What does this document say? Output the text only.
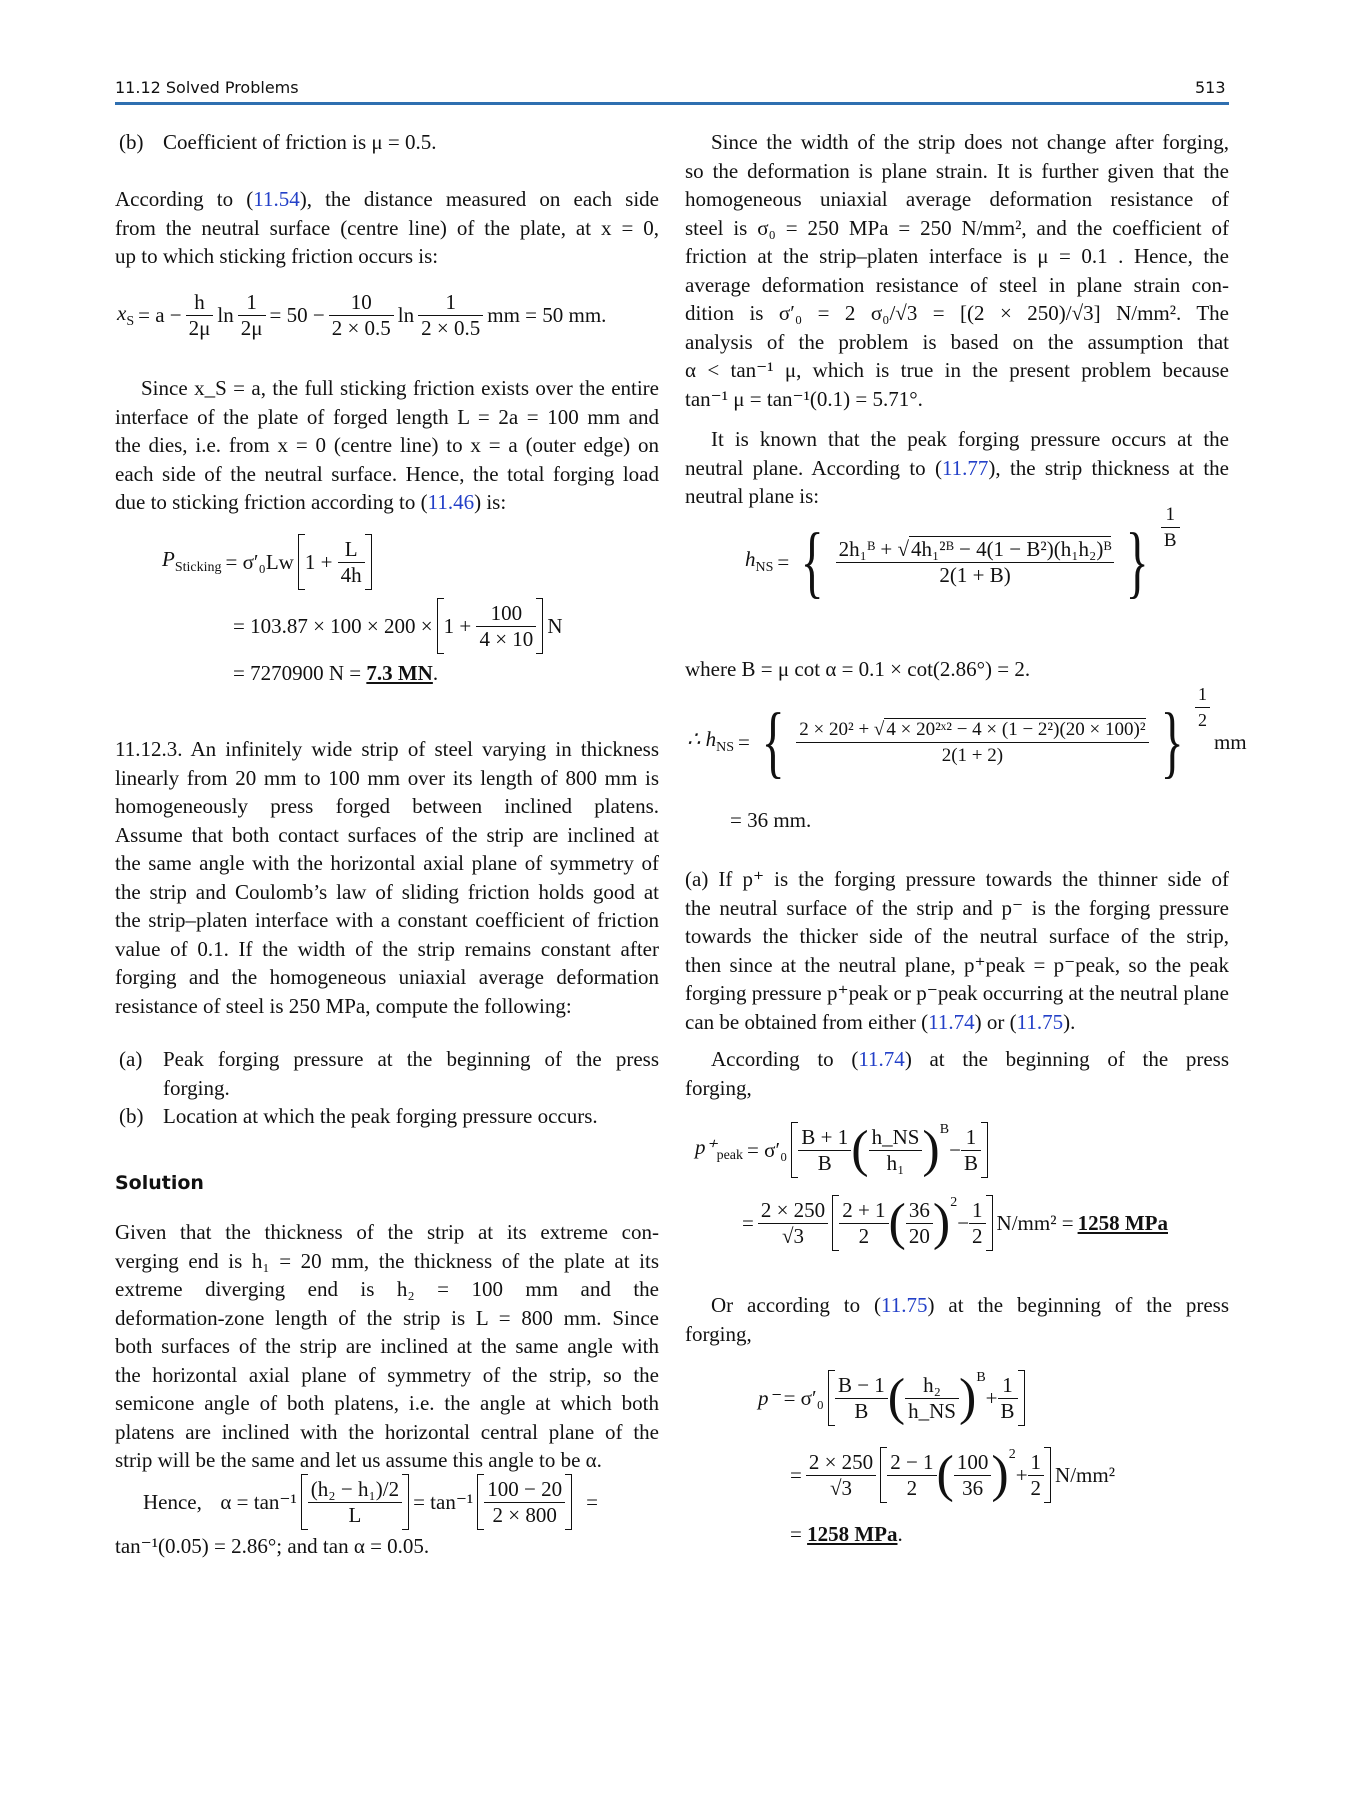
11.12 Solved Problems	513
(b) Coefficient of friction is μ = 0.5.
According to (11.54), the distance measured on each side
from the neutral surface (centre line) of the plate, at x = 0,
up to which sticking friction occurs is:
$x_S = a - \frac{h}{2\mu}$ $\ln \frac{1}{2\mu} = 50 - \frac{10}{2 \times 0.5}$ $\ln \frac{1}{2 \times 0.5}$ mm = 50 mm.
Since x_S = a, the full sticking friction exists over the entire
interface of the plate of forged length L = 2a = 100 mm and
the dies, i.e. from x = 0 (centre line) to x = a (outer edge) on
each side of the neutral surface. Hence, the total forging load
due to sticking friction according to (11.46) is:
$P_{Sticking} = \sigma'_0Lw$ 1 +
$\frac{L}{4h}$
= 103.87 × 100 × 200 × 1 +
$\frac{100}{4 \times 10}$ N
= 7270900 N = 7.3 MN.
11.12.3. An infinitely wide strip of steel varying in thickness
linearly from 20 mm to 100 mm over its length of 800 mm is
homogeneously press forged between inclined platens.
Assume that both contact surfaces of the strip are inclined at
the same angle with the horizontal axial plane of symmetry of
the strip and Coulomb’s law of sliding friction holds good at
the strip–platen interface with a constant coefficient of friction
value of 0.1. If the width of the strip remains constant after
forging and the homogeneous uniaxial average deformation
resistance of steel is 250 MPa, compute the following:
(a) Peak forging pressure at the beginning of the press
forging.
(b) Location at which the peak forging pressure occurs.
Solution
Given that the thickness of the strip at its extreme con-
verging end is h₁ = 20 mm, the thickness of the plate at its
extreme diverging end is h₂ = 100 mm and the
deformation-zone length of the strip is L = 800 mm. Since
both surfaces of the strip are inclined at the same angle with
the horizontal axial plane of symmetry of the strip, so the
semicone angle of both platens, i.e. the angle at which both
platens are inclined with the horizontal central plane of the
strip will be the same and let us assume this angle to be α.
Hence,
$\alpha = \tan^{-1} \frac{\text{(h₂ − h₁)/2}}{L} = \tan^{-1} \frac{100 - 20}{2 \times 800}$ =
tan⁻¹(0.05) = 2.86°; and tan α = 0.05.
Since the width of the strip does not change after forging,
so the deformation is plane strain. It is further given that the
homogeneous uniaxial average deformation resistance of
steel is σ₀ = 250 MPa = 250 N/mm², and the coefficient of
friction at the strip–platen interface is μ = 0.1 . Hence, the
average deformation resistance of steel in plane strain con-
dition is σ′₀ = 2 σ₀/√3 = [(2 × 250)/√3] N/mm². The
analysis of the problem is based on the assumption that
α < tan⁻¹ μ, which is true in the present problem because
tan⁻¹ μ = tan⁻¹(0.1) = 5.71°.
It is known that the peak forging pressure occurs at the
neutral plane. According to (11.77), the strip thickness at the
neutral plane is:
$h_{NS}$ = { $\frac{\text{2h₁ᴮ + √4h₁²ᴮ − 4(1 − B²)(h₁h₂)ᴮ}}{2(1 + B)}$ } $\frac{1}{B}$
where B = μ cot α = 0.1 × cot(2.86°) = 2.
∴ $h_{NS}$ = { $\frac{\text{2 × 20² + √ 4 × 20²ˣ² − 4 × (1 − 2²)(20 × 100)²}}{2(1 + 2)}$ } $\frac{1}{2}$
mm
= 36 mm.
(a) If p⁺ is the forging pressure towards the thinner side of
the neutral surface of the strip and p⁻ is the forging pressure
towards the thicker side of the neutral surface of the strip,
then since at the neutral plane, p⁺peak = p⁻peak, so the peak
forging pressure p⁺peak or p⁻peak occurring at the neutral plane
can be obtained from either (11.74) or (11.75).
According to (11.74) at the beginning of the press
forging,
$p^+_{peak} = \sigma'_0 \frac{B + 1}{B}$ ( $\frac{h\_NS}{\text{h₁}}$ ) B
− $\frac{1}{B}$
= $\frac{2 \times 250}{√3} \frac{2 + 1}{2}$ ( $\frac{36}{20}$ ) 2
− $\frac{1}{2} N/mm^2 = 1258$ MPa
Or according to (11.75) at the beginning of the press
forging,
$p^- = \sigma'_0 \frac{B - 1}{B}$ ( $\frac{\text{h₂}}{h\_NS}$ ) B
+ $\frac{1}{B}$
= $\frac{2 \times 250}{√3} \frac{2 - 1}{2}$ ( $\frac{100}{36}$ ) 2
+ $\frac{1}{2} N/mm^2$
= 1258 MPa.
